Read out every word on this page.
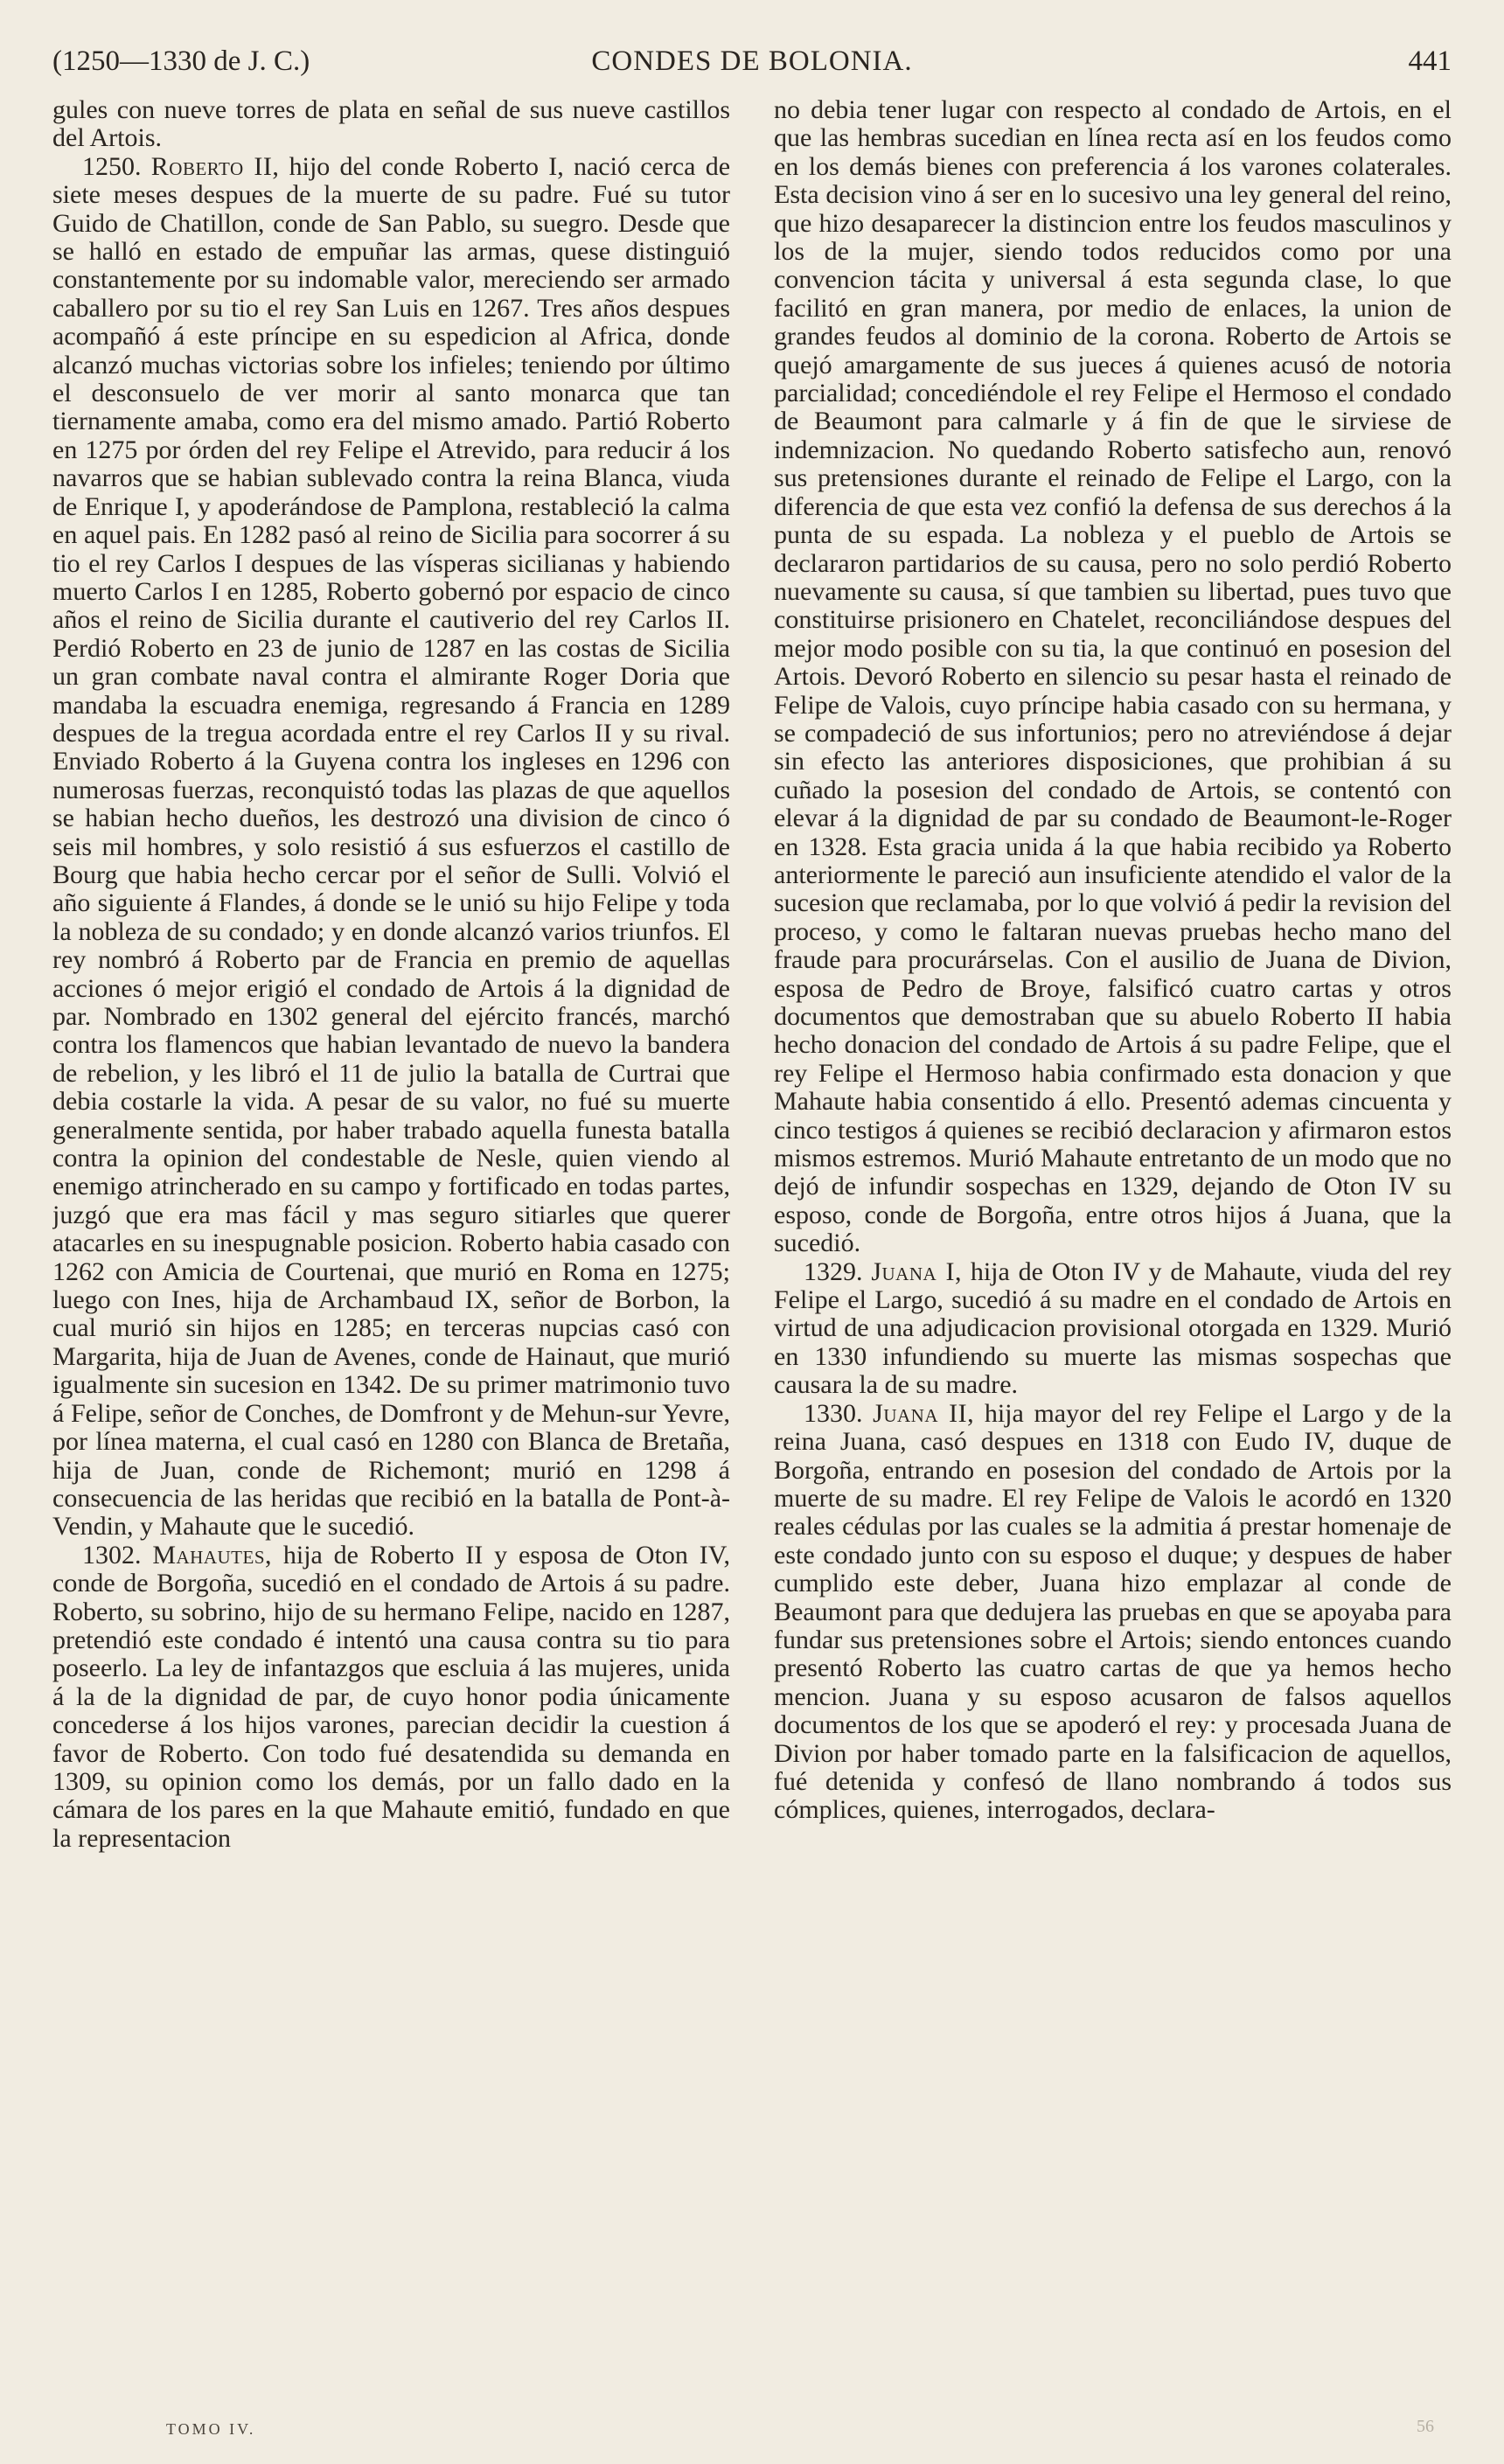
(1250—1330 de J. C.)	CONDES DE BOLONIA.	441

gules con nueve torres de plata en señal de sus nueve castillos del Artois.

1250. Roberto II, hijo del conde Roberto I, nació cerca de siete meses despues de la muerte de su padre. Fué su tutor Guido de Chatillon, conde de San Pablo, su suegro. Desde que se halló en estado de empuñar las armas, quese distinguió constantemente por su indomable valor, mereciendo ser armado caballero por su tio el rey San Luis en 1267. Tres años despues acompañó á este príncipe en su espedicion al Africa, donde alcanzó muchas victorias sobre los infieles; teniendo por último el desconsuelo de ver morir al santo monarca que tan tiernamente amaba, como era del mismo amado. Partió Roberto en 1275 por órden del rey Felipe el Atrevido, para reducir á los navarros que se habian sublevado contra la reina Blanca, viuda de Enrique I, y apoderándose de Pamplona, restableció la calma en aquel pais. En 1282 pasó al reino de Sicilia para socorrer á su tio el rey Carlos I despues de las vísperas sicilianas y habiendo muerto Carlos I en 1285, Roberto gobernó por espacio de cinco años el reino de Sicilia durante el cautiverio del rey Carlos II. Perdió Roberto en 23 de junio de 1287 en las costas de Sicilia un gran combate naval contra el almirante Roger Doria que mandaba la escuadra enemiga, regresando á Francia en 1289 despues de la tregua acordada entre el rey Carlos II y su rival. Enviado Roberto á la Guyena contra los ingleses en 1296 con numerosas fuerzas, reconquistó todas las plazas de que aquellos se habian hecho dueños, les destrozó una division de cinco ó seis mil hombres, y solo resistió á sus esfuerzos el castillo de Bourg que habia hecho cercar por el señor de Sulli. Volvió el año siguiente á Flandes, á donde se le unió su hijo Felipe y toda la nobleza de su condado; y en donde alcanzó varios triunfos. El rey nombró á Roberto par de Francia en premio de aquellas acciones ó mejor erigió el condado de Artois á la dignidad de par. Nombrado en 1302 general del ejército francés, marchó contra los flamencos que habian levantado de nuevo la bandera de rebelion, y les libró el 11 de julio la batalla de Curtrai que debia costarle la vida. A pesar de su valor, no fué su muerte generalmente sentida, por haber trabado aquella funesta batalla contra la opinion del condestable de Nesle, quien viendo al enemigo atrincherado en su campo y fortificado en todas partes, juzgó que era mas fácil y mas seguro sitiarles que querer atacarles en su inespugnable posicion. Roberto habia casado con 1262 con Amicia de Courtenai, que murió en Roma en 1275; luego con Ines, hija de Archambaud IX, señor de Borbon, la cual murió sin hijos en 1285; en terceras nupcias casó con Margarita, hija de Juan de Avenes, conde de Hainaut, que murió igualmente sin sucesion en 1342. De su primer matrimonio tuvo á Felipe, señor de Conches, de Domfront y de Mehun-sur Yevre, por línea materna, el cual casó en 1280 con Blanca de Bretaña, hija de Juan, conde de Richemont; murió en 1298 á consecuencia de las heridas que recibió en la batalla de Pont-à-Vendin, y Mahaute que le sucedió.

1302. Mahautes, hija de Roberto II y esposa de Oton IV, conde de Borgoña, sucedió en el condado de Artois á su padre. Roberto, su sobrino, hijo de su hermano Felipe, nacido en 1287, pretendió este condado é intentó una causa contra su tio para poseerlo. La ley de infantazgos que escluia á las mujeres, unida á la de la dignidad de par, de cuyo honor podia únicamente concederse á los hijos varones, parecian decidir la cuestion á favor de Roberto. Con todo fué desatendida su demanda en 1309, su opinion como los demás, por un fallo dado en la cámara de los pares en la que Mahaute emitió, fundado en que la representacion

no debia tener lugar con respecto al condado de Artois, en el que las hembras sucedian en línea recta así en los feudos como en los demás bienes con preferencia á los varones colaterales. Esta decision vino á ser en lo sucesivo una ley general del reino, que hizo desaparecer la distincion entre los feudos masculinos y los de la mujer, siendo todos reducidos como por una convencion tácita y universal á esta segunda clase, lo que facilitó en gran manera, por medio de enlaces, la union de grandes feudos al dominio de la corona. Roberto de Artois se quejó amargamente de sus jueces á quienes acusó de notoria parcialidad; concediéndole el rey Felipe el Hermoso el condado de Beaumont para calmarle y á fin de que le sirviese de indemnizacion. No quedando Roberto satisfecho aun, renovó sus pretensiones durante el reinado de Felipe el Largo, con la diferencia de que esta vez confió la defensa de sus derechos á la punta de su espada. La nobleza y el pueblo de Artois se declararon partidarios de su causa, pero no solo perdió Roberto nuevamente su causa, sí que tambien su libertad, pues tuvo que constituirse prisionero en Chatelet, reconciliándose despues del mejor modo posible con su tia, la que continuó en posesion del Artois. Devoró Roberto en silencio su pesar hasta el reinado de Felipe de Valois, cuyo príncipe habia casado con su hermana, y se compadeció de sus infortunios; pero no atreviéndose á dejar sin efecto las anteriores disposiciones, que prohibian á su cuñado la posesion del condado de Artois, se contentó con elevar á la dignidad de par su condado de Beaumont-le-Roger en 1328. Esta gracia unida á la que habia recibido ya Roberto anteriormente le pareció aun insuficiente atendido el valor de la sucesion que reclamaba, por lo que volvió á pedir la revision del proceso, y como le faltaran nuevas pruebas hecho mano del fraude para procurárselas. Con el ausilio de Juana de Divion, esposa de Pedro de Broye, falsificó cuatro cartas y otros documentos que demostraban que su abuelo Roberto II habia hecho donacion del condado de Artois á su padre Felipe, que el rey Felipe el Hermoso habia confirmado esta donacion y que Mahaute habia consentido á ello. Presentó ademas cincuenta y cinco testigos á quienes se recibió declaracion y afirmaron estos mismos estremos. Murió Mahaute entretanto de un modo que no dejó de infundir sospechas en 1329, dejando de Oton IV su esposo, conde de Borgoña, entre otros hijos á Juana, que la sucedió.

1329. Juana I, hija de Oton IV y de Mahaute, viuda del rey Felipe el Largo, sucedió á su madre en el condado de Artois en virtud de una adjudicacion provisional otorgada en 1329. Murió en 1330 infundiendo su muerte las mismas sospechas que causara la de su madre.

1330. Juana II, hija mayor del rey Felipe el Largo y de la reina Juana, casó despues en 1318 con Eudo IV, duque de Borgoña, entrando en posesion del condado de Artois por la muerte de su madre. El rey Felipe de Valois le acordó en 1320 reales cédulas por las cuales se la admitia á prestar homenaje de este condado junto con su esposo el duque; y despues de haber cumplido este deber, Juana hizo emplazar al conde de Beaumont para que dedujera las pruebas en que se apoyaba para fundar sus pretensiones sobre el Artois; siendo entonces cuando presentó Roberto las cuatro cartas de que ya hemos hecho mencion. Juana y su esposo acusaron de falsos aquellos documentos de los que se apoderó el rey: y procesada Juana de Divion por haber tomado parte en la falsificacion de aquellos, fué detenida y confesó de llano nombrando á todos sus cómplices, quienes, interrogados, declara-

TOMO IV.	56
